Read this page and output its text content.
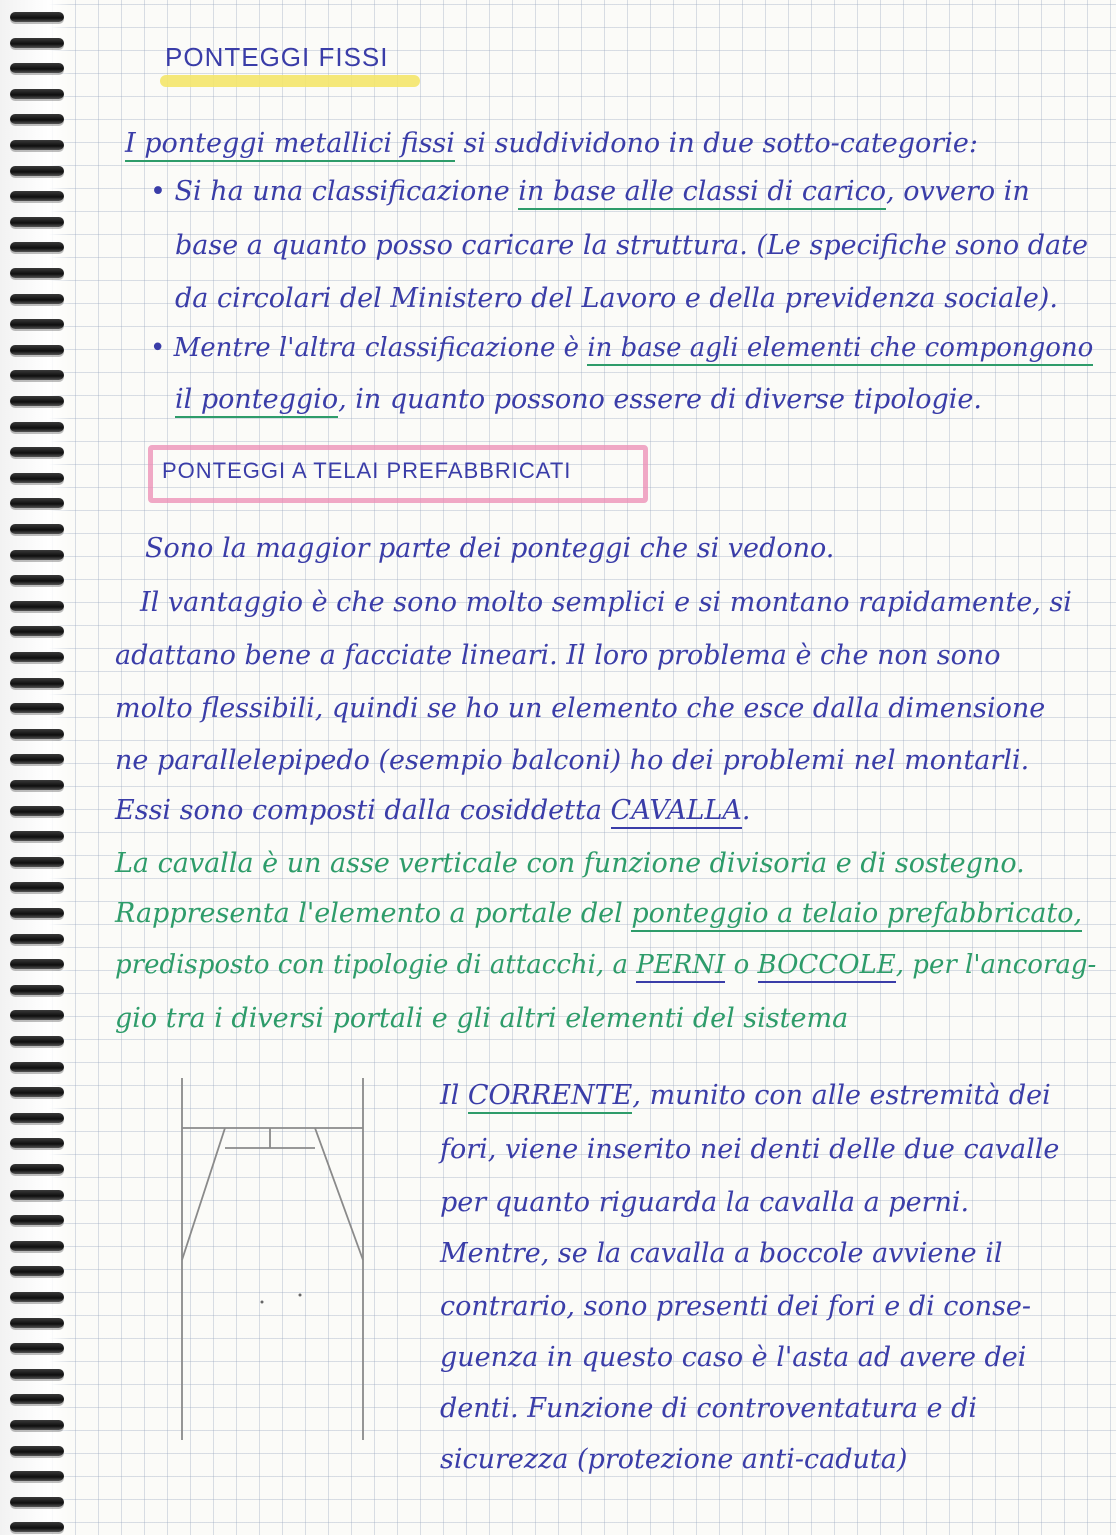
PONTEGGI FISSI
I ponteggi metallici fissi si suddividono in due sotto-categorie:
• Si ha una classificazione in base alle classi di carico, ovvero in
base a quanto posso caricare la struttura. (Le specifiche sono date
da circolari del Ministero del Lavoro e della previdenza sociale).
• Mentre l'altra classificazione è in base agli elementi che compongono
il ponteggio, in quanto possono essere di diverse tipologie.
PONTEGGI A TELAI PREFABBRICATI
Sono la maggior parte dei ponteggi che si vedono.
Il vantaggio è che sono molto semplici e si montano rapidamente, si
adattano bene a facciate lineari. Il loro problema è che non sono
molto flessibili, quindi se ho un elemento che esce dalla dimensione
ne parallelepipedo (esempio balconi) ho dei problemi nel montarli.
Essi sono composti dalla cosiddetta CAVALLA.
La cavalla è un asse verticale con funzione divisoria e di sostegno.
Rappresenta l'elemento a portale del ponteggio a telaio prefabbricato,
predisposto con tipologie di attacchi, a PERNI o BOCCOLE, per l'ancorag-
gio tra i diversi portali e gli altri elementi del sistema
Il CORRENTE, munito con alle estremità dei
fori, viene inserito nei denti delle due cavalle
per quanto riguarda la cavalla a perni.
Mentre, se la cavalla a boccole avviene il
contrario, sono presenti dei fori e di conse-
guenza in questo caso è l'asta ad avere dei
denti. Funzione di controventatura e di
sicurezza (protezione anti-caduta)
